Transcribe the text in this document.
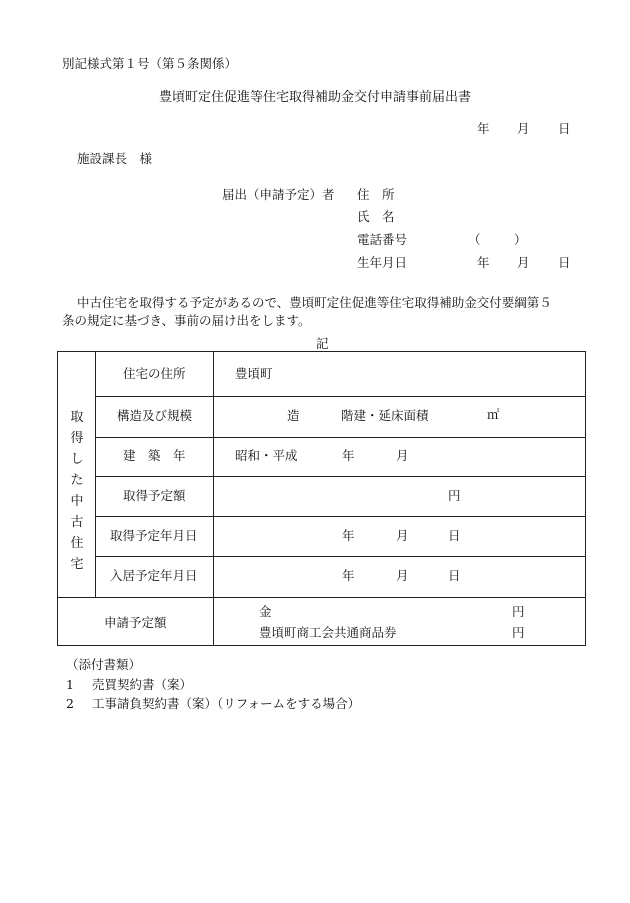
別記様式第１号（第５条関係）
豊頃町定住促進等住宅取得補助金交付申請事前届出書
年 月 日
施設課長　様
届出（申請予定）者 住　所
氏　名
電話番号	（	）
生年月日	年 月 日
中古住宅を取得する予定があるので、豊頃町定住促進等住宅取得補助金交付要綱第５
条の規定に基づき、事前の届け出をします。
記
取得した中古住宅
住宅の住所	豊頃町
構造及び規模	造	階建・延床面積	㎡
建　築　年	昭和・平成	年	月
取得予定額	円
取得予定年月日	年	月	日
入居予定年月日	年	月	日
申請予定額
金	円
豊頃町商工会共通商品券	円
（添付書類）
1 売買契約書（案）
2 工事請負契約書（案）（リフォームをする場合）
